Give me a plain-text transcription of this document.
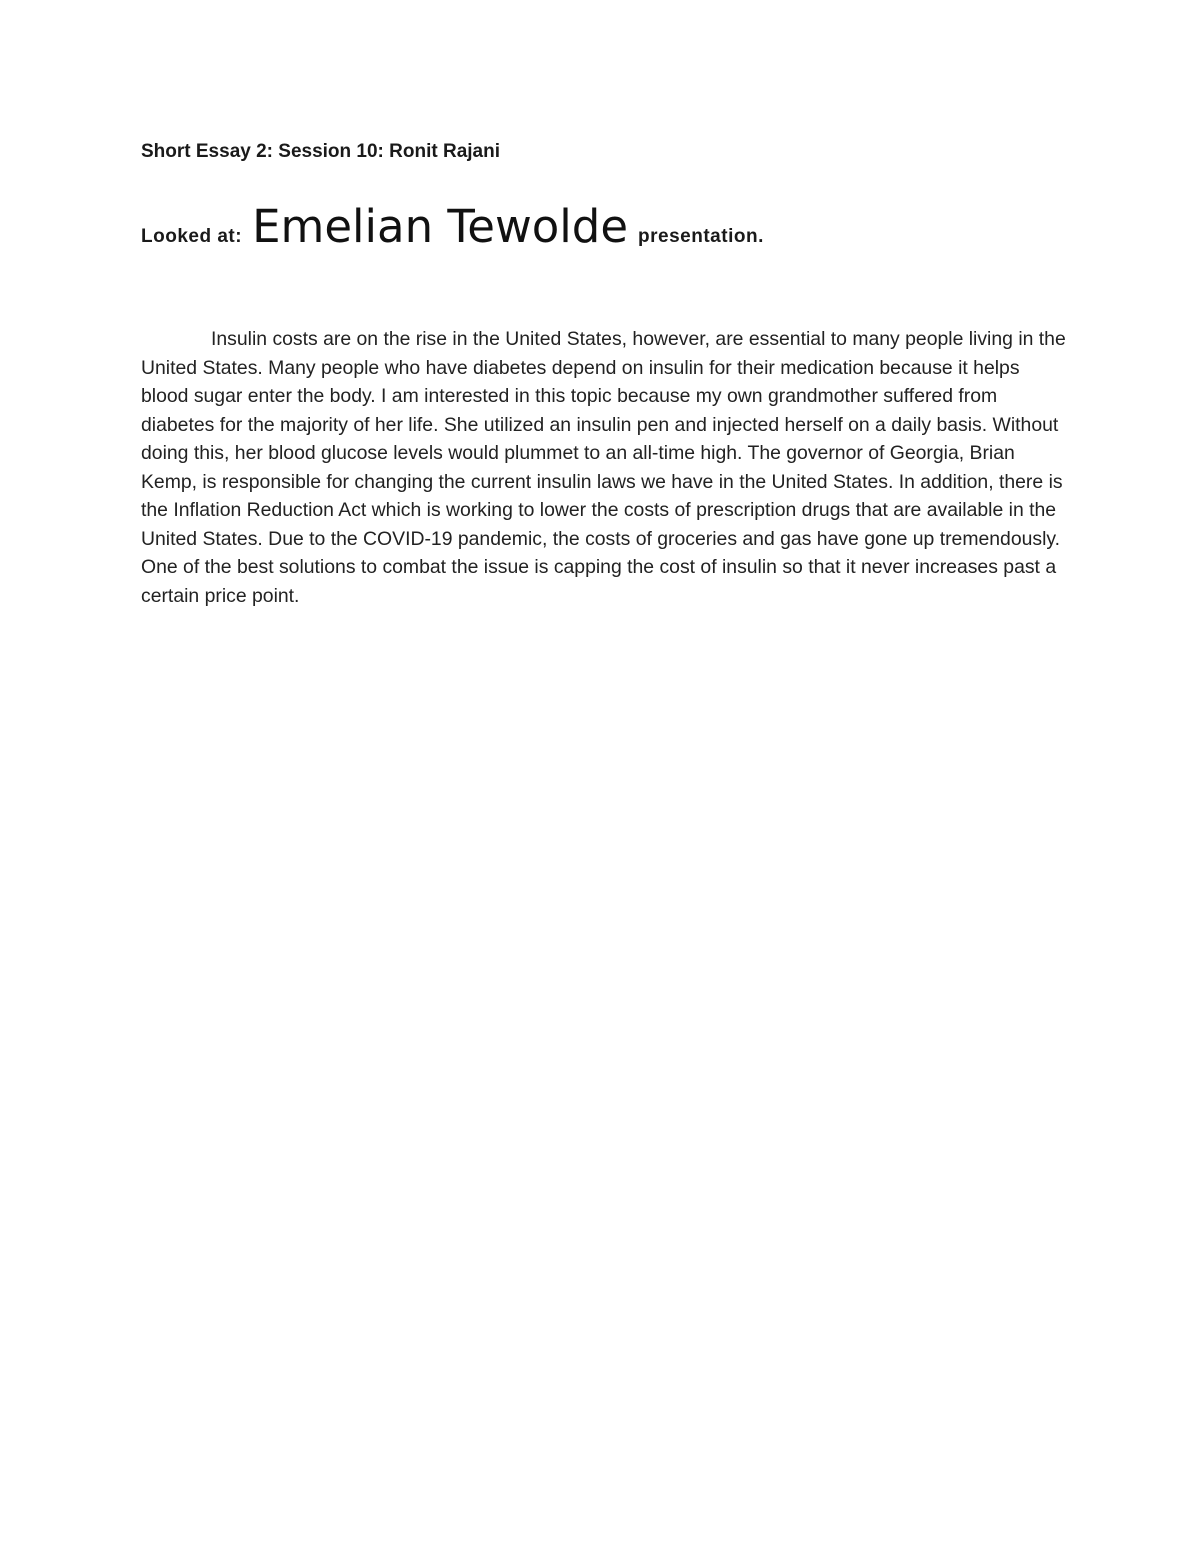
Short Essay 2: Session 10: Ronit Rajani
Looked at: Emelian Tewolde presentation.

Insulin costs are on the rise in the United States, however, are essential to many people living in the United States. Many people who have diabetes depend on insulin for their medication because it helps blood sugar enter the body. I am interested in this topic because my own grandmother suffered from diabetes for the majority of her life. She utilized an insulin pen and injected herself on a daily basis. Without doing this, her blood glucose levels would plummet to an all-time high. The governor of Georgia, Brian Kemp, is responsible for changing the current insulin laws we have in the United States. In addition, there is the Inflation Reduction Act which is working to lower the costs of prescription drugs that are available in the United States. Due to the COVID-19 pandemic, the costs of groceries and gas have gone up tremendously. One of the best solutions to combat the issue is capping the cost of insulin so that it never increases past a certain price point.
